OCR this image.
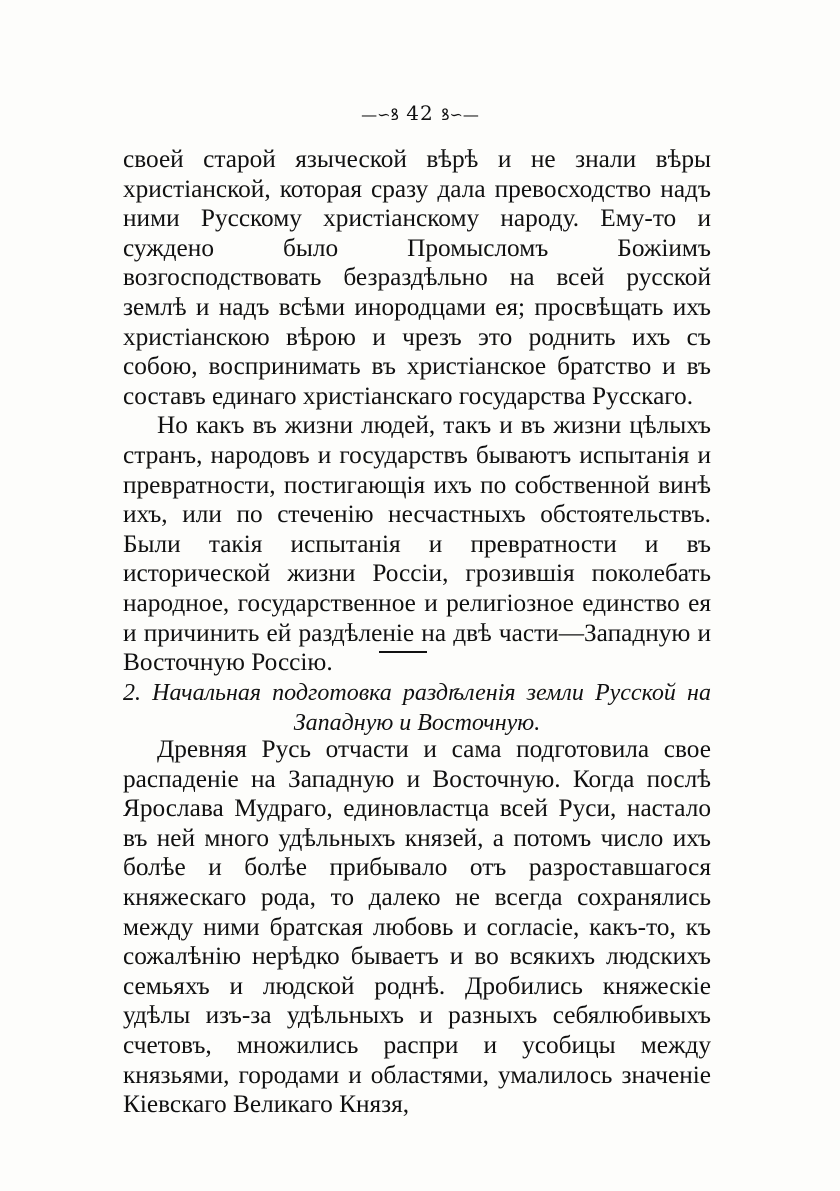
—∽ꝸ 42 ꝸ∽—

своей старой языческой вѣрѣ и не знали вѣры христіанской, которая сразу дала превосходство надъ ними Русскому христіанскому народу. Ему-то и суждено было Промысломъ Божіимъ возгосподствовать безраздѣльно на всей русской землѣ и надъ всѣми инородцами ея; просвѣщать ихъ христіанскою вѣрою и чрезъ это роднить ихъ съ собою, воспринимать въ христіанское братство и въ составъ единаго христіанскаго государства Русскаго.

Но какъ въ жизни людей, такъ и въ жизни цѣлыхъ странъ, народовъ и государствъ бываютъ испытанія и превратности, постигающія ихъ по собственной винѣ ихъ, или по стеченію несчастныхъ обстоятельствъ. Были такія испытанія и превратности и въ исторической жизни Россіи, грозившія поколебать народное, государственное и религіозное единство ея и причинить ей раздѣленіе на двѣ части—Западную и Восточную Россію.

2. Начальная подготовка раздѣленія земли Русской на
Западную и Восточную.

Древняя Русь отчасти и сама подготовила свое распаденіе на Западную и Восточную. Когда послѣ Ярослава Мудраго, единовластца всей Руси, настало въ ней много удѣльныхъ князей, а потомъ число ихъ болѣе и болѣе прибывало отъ разроставшагося княжескаго рода, то далеко не всегда сохранялись между ними братская любовь и согласіе, какъ-то, къ сожалѣнію нерѣдко бываетъ и во всякихъ людскихъ семьяхъ и людской роднѣ. Дробились княжескіе удѣлы изъ-за удѣльныхъ и разныхъ себялюбивыхъ счетовъ, множились распри и усобицы между князьями, городами и областями, умалилось значеніе Кіевскаго Великаго Князя,
